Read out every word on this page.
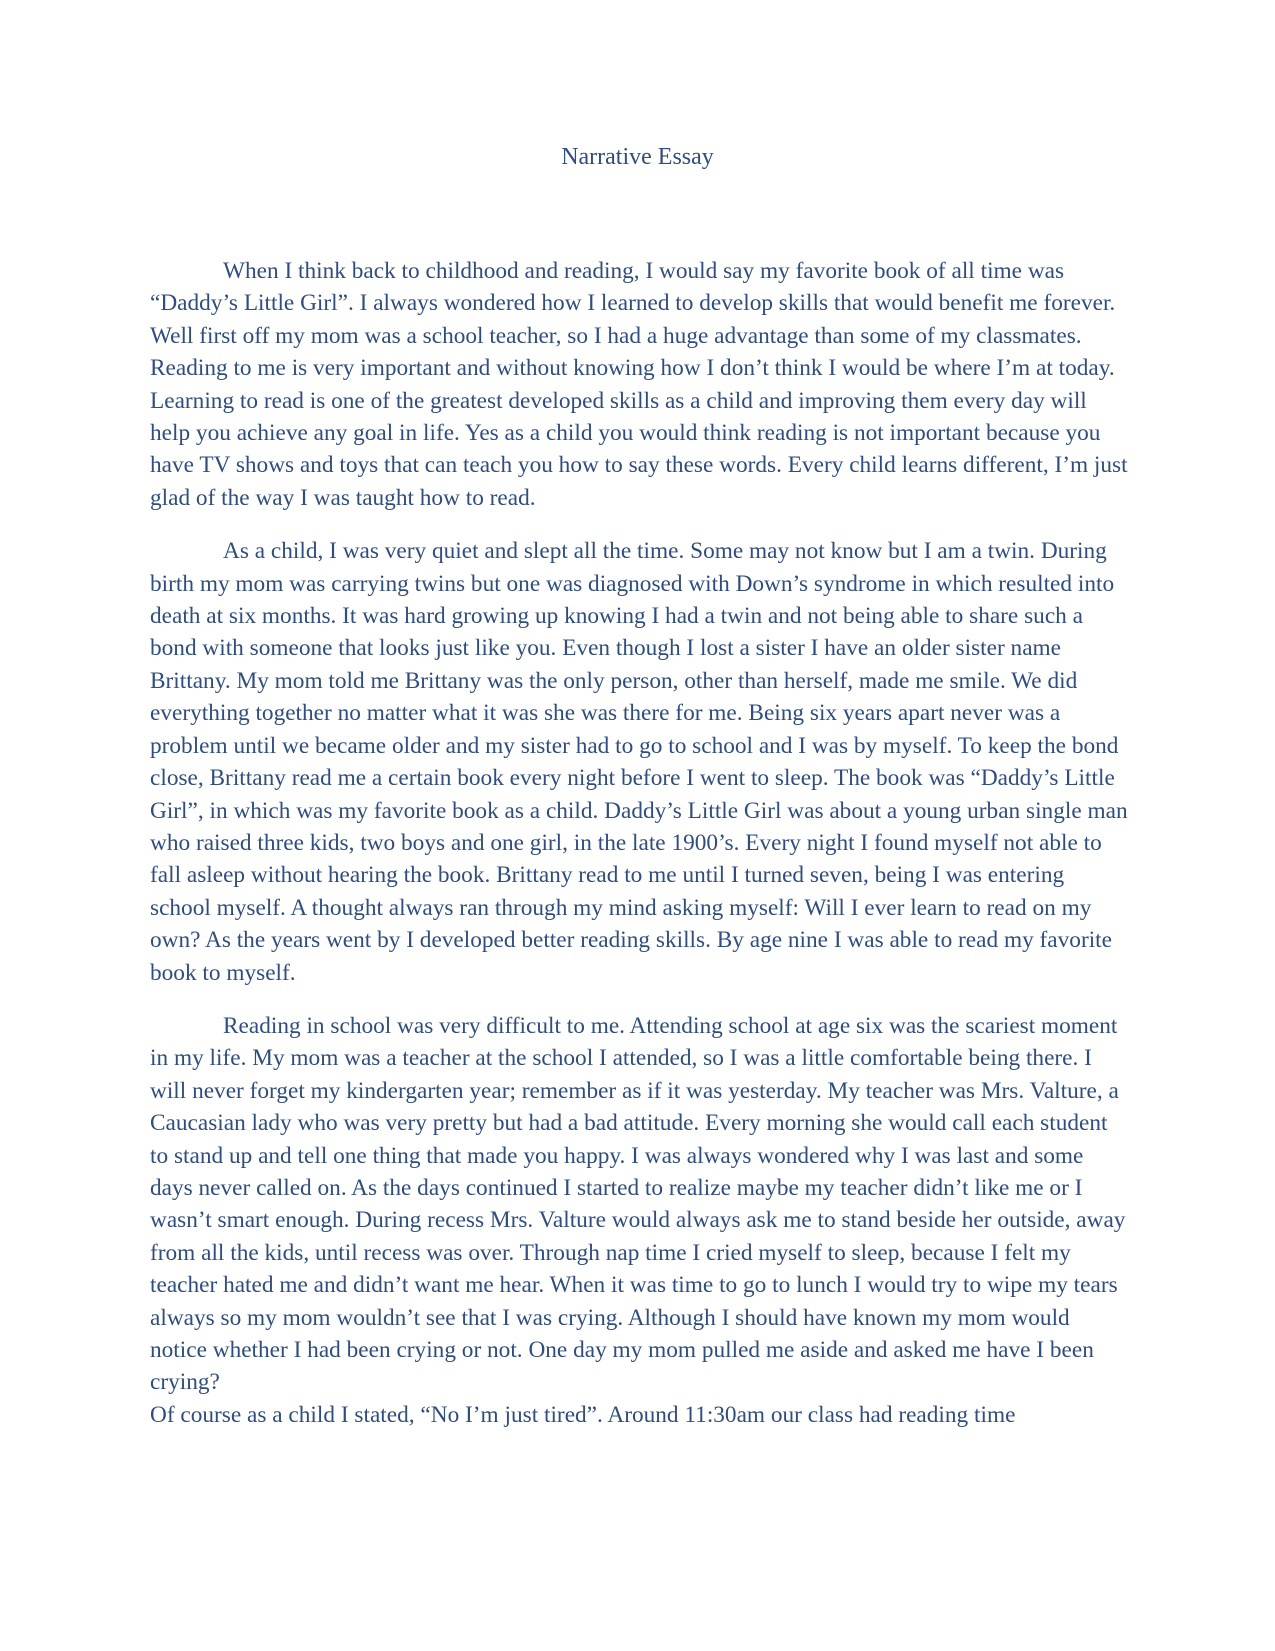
Narrative Essay

When I think back to childhood and reading, I would say my favorite book of all time was “Daddy’s Little Girl”. I always wondered how I learned to develop skills that would benefit me forever. Well first off my mom was a school teacher, so I had a huge advantage than some of my classmates. Reading to me is very important and without knowing how I don’t think I would be where I’m at today. Learning to read is one of the greatest developed skills as a child and improving them every day will help you achieve any goal in life. Yes as a child you would think reading is not important because you have TV shows and toys that can teach you how to say these words. Every child learns different, I’m just glad of the way I was taught how to read.

As a child, I was very quiet and slept all the time. Some may not know but I am a twin. During birth my mom was carrying twins but one was diagnosed with Down’s syndrome in which resulted into death at six months. It was hard growing up knowing I had a twin and not being able to share such a bond with someone that looks just like you. Even though I lost a sister I have an older sister name Brittany. My mom told me Brittany was the only person, other than herself, made me smile. We did everything together no matter what it was she was there for me. Being six years apart never was a problem until we became older and my sister had to go to school and I was by myself. To keep the bond close, Brittany read me a certain book every night before I went to sleep. The book was “Daddy’s Little Girl”, in which was my favorite book as a child. Daddy’s Little Girl was about a young urban single man who raised three kids, two boys and one girl, in the late 1900’s. Every night I found myself not able to fall asleep without hearing the book. Brittany read to me until I turned seven, being I was entering school myself. A thought always ran through my mind asking myself: Will I ever learn to read on my own? As the years went by I developed better reading skills. By age nine I was able to read my favorite book to myself.

Reading in school was very difficult to me. Attending school at age six was the scariest moment in my life. My mom was a teacher at the school I attended, so I was a little comfortable being there. I will never forget my kindergarten year; remember as if it was yesterday. My teacher was Mrs. Valture, a Caucasian lady who was very pretty but had a bad attitude. Every morning she would call each student to stand up and tell one thing that made you happy. I was always wondered why I was last and some days never called on. As the days continued I started to realize maybe my teacher didn’t like me or I wasn’t smart enough. During recess Mrs. Valture would always ask me to stand beside her outside, away from all the kids, until recess was over. Through nap time I cried myself to sleep, because I felt my teacher hated me and didn’t want me hear. When it was time to go to lunch I would try to wipe my tears always so my mom wouldn’t see that I was crying. Although I should have known my mom would notice whether I had been crying or not. One day my mom pulled me aside and asked me have I been crying?

Of course as a child I stated, “No I’m just tired”. Around 11:30am our class had reading time
